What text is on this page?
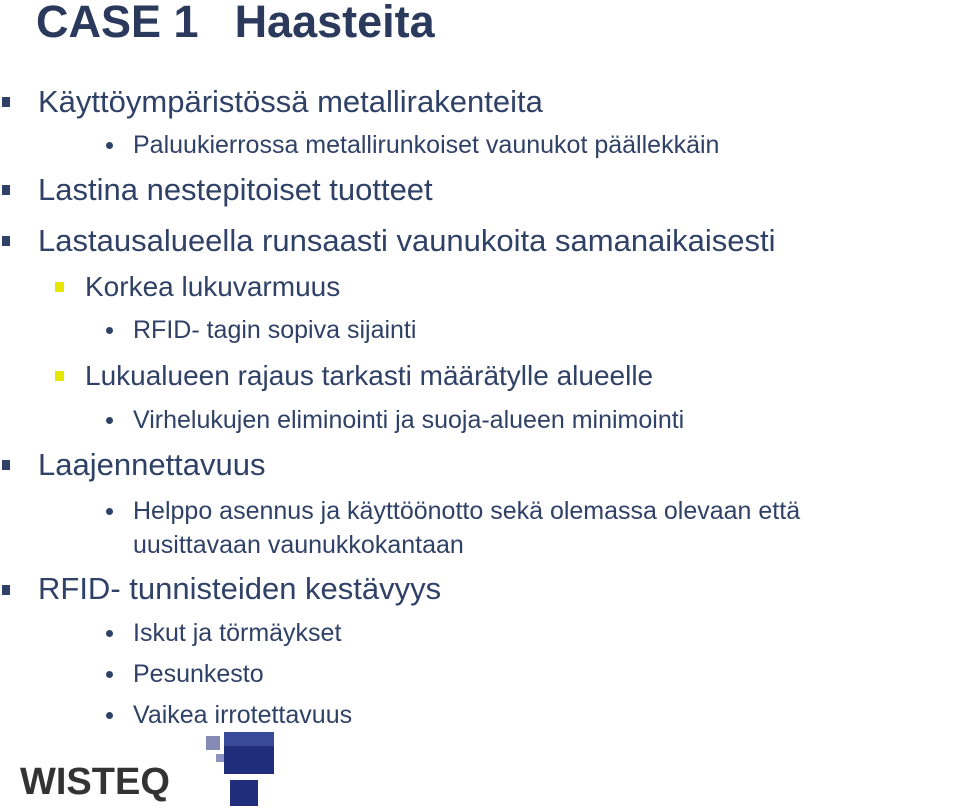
CASE 1 Haasteita
Käyttöympäristössä metallirakenteita
Paluukierrossa metallirunkoiset vaunukot päällekkäin
Lastina nestepitoiset tuotteet
Lastausalueella runsaasti vaunukoita samanaikaisesti
Korkea lukuvarmuus
RFID- tagin sopiva sijainti
Lukualueen rajaus tarkasti määrätylle alueelle
Virhelukujen eliminointi ja suoja-alueen minimointi
Laajennettavuus
Helppo asennus ja käyttöönotto sekä olemassa olevaan että
uusittavaan vaunukkokantaan
RFID- tunnisteiden kestävyys
Iskut ja törmäykset
Pesunkesto
Vaikea irrotettavuus
WISTEQ
